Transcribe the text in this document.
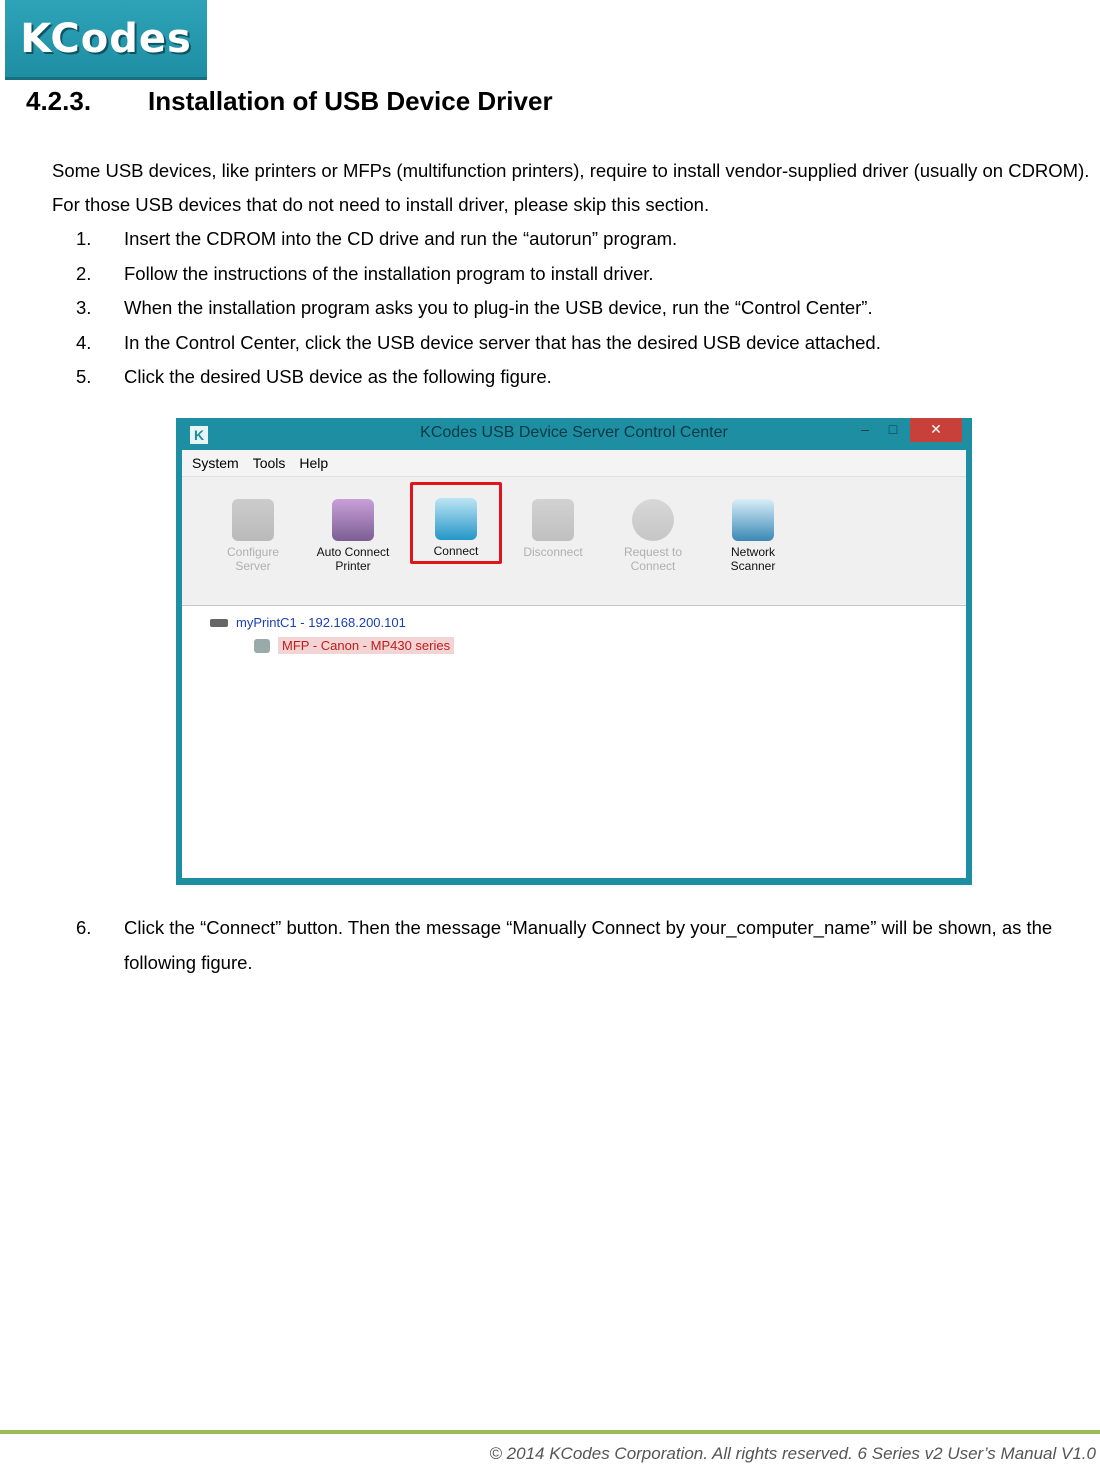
KCodes
4.2.3. Installation of USB Device Driver
Some USB devices, like printers or MFPs (multifunction printers), require to install vendor-supplied driver (usually on CDROM). For those USB devices that do not need to install driver, please skip this section.
1. Insert the CDROM into the CD drive and run the “autorun” program.
2. Follow the instructions of the installation program to install driver.
3. When the installation program asks you to plug-in the USB device, run the “Control Center”.
4. In the Control Center, click the USB device server that has the desired USB device attached.
5. Click the desired USB device as the following figure.
K	KCodes USB Device Server Control Center	–	□	✕
System Tools Help
Configure Server
Auto Connect Printer
Connect	Disconnect	Request to Connect
Network Scanner
myPrintC1 - 192.168.200.101
MFP - Canon - MP430 series
6. Click the “Connect” button. Then the message “Manually Connect by your_computer_name” will be shown, as the following figure.
© 2014 KCodes Corporation. All rights reserved. 6 Series v2 User’s Manual V1.0
